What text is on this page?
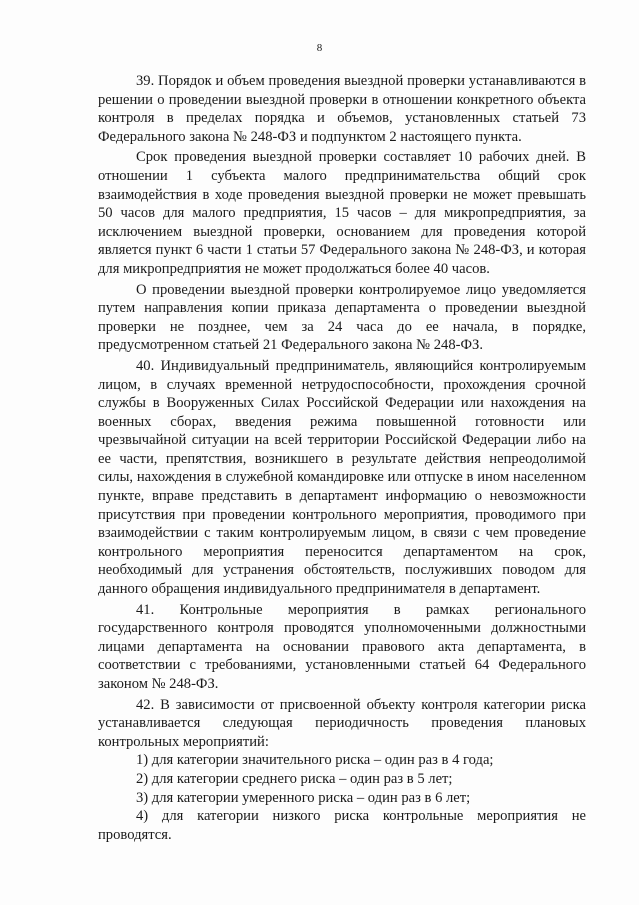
8

39. Порядок и объем проведения выездной проверки устанавливаются в решении о проведении выездной проверки в отношении конкретного объекта контроля в пределах порядка и объемов, установленных статьей 73 Федерального закона № 248-ФЗ и подпунктом 2 настоящего пункта.

Срок проведения выездной проверки составляет 10 рабочих дней. В отношении 1 субъекта малого предпринимательства общий срок взаимодействия в ходе проведения выездной проверки не может превышать 50 часов для малого предприятия, 15 часов – для микропредприятия, за исключением выездной проверки, основанием для проведения которой является пункт 6 части 1 статьи 57 Федерального закона № 248-ФЗ, и которая для микропредприятия не может продолжаться более 40 часов.

О проведении выездной проверки контролируемое лицо уведомляется путем направления копии приказа департамента о проведении выездной проверки не позднее, чем за 24 часа до ее начала, в порядке, предусмотренном статьей 21 Федерального закона № 248-ФЗ.

40. Индивидуальный предприниматель, являющийся контролируемым лицом, в случаях временной нетрудоспособности, прохождения срочной службы в Вооруженных Силах Российской Федерации или нахождения на военных сборах, введения режима повышенной готовности или чрезвычайной ситуации на всей территории Российской Федерации либо на ее части, препятствия, возникшего в результате действия непреодолимой силы, нахождения в служебной командировке или отпуске в ином населенном пункте, вправе представить в департамент информацию о невозможности присутствия при проведении контрольного мероприятия, проводимого при взаимодействии с таким контролируемым лицом, в связи с чем проведение контрольного мероприятия переносится департаментом на срок, необходимый для устранения обстоятельств, послуживших поводом для данного обращения индивидуального предпринимателя в департамент.

41. Контрольные мероприятия в рамках регионального государственного контроля проводятся уполномоченными должностными лицами департамента на основании правового акта департамента, в соответствии с требованиями, установленными статьей 64 Федерального законом № 248-ФЗ.

42. В зависимости от присвоенной объекту контроля категории риска устанавливается следующая периодичность проведения плановых контрольных мероприятий:

1) для категории значительного риска – один раз в 4 года;

2) для категории среднего риска – один раз в 5 лет;

3) для категории умеренного риска – один раз в 6 лет;

4) для категории низкого риска контрольные мероприятия не проводятся.
